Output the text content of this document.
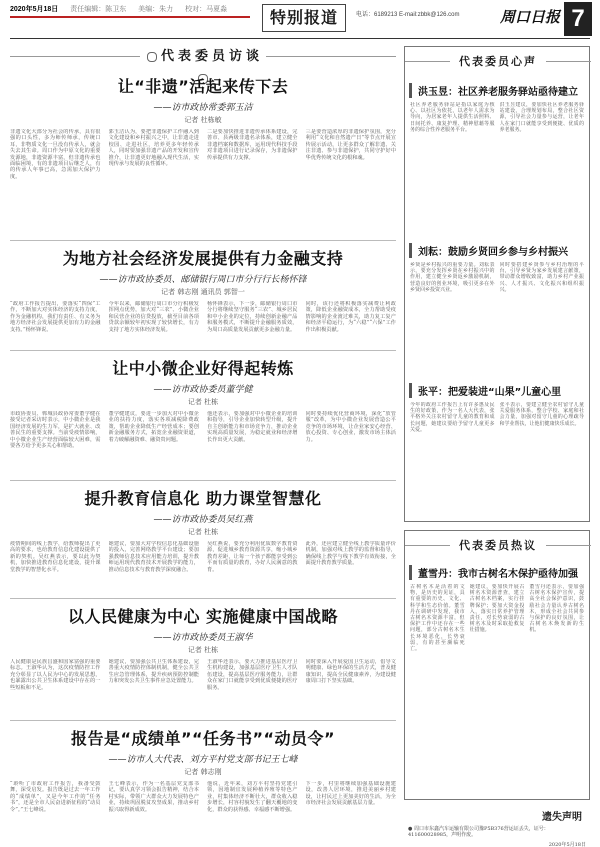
2020年5月18日 责任编辑：陈卫东 美编：朱力 校对：马夏淼	特别报道	电话：6189213 E-mail:zbbk@126.com	周口日报 7
代表委员访谈
让“非遗”活起来传下去
——访市政协常委郭玉洁
记者 杜栋敏
非遗文化大部分为社会的传承，具有很强的口头性，多为师传师承，传统口耳，非物质文化一旦没有传承人，就会失去其生命。周口作为中原文化的重要发源地，非遗资源丰富，但非遗传承也面临困境，有的非遗项目后继乏人，有的传承人年事已高，急需加大保护力度。
郭玉洁认为，要把非遗保护工作融入到文化建设和乡村振兴之中，让非遗走进校园、走进社区，培养更多年轻传承人，同时要加强非遗产品的开发和宣传推介，让非遗更好地融入现代生活，实现传承与发展的良性循环。
二是要加快推进非遗传承体系建设，完善市、县两级非遗名录体系，建立健全非遗档案和数据库，运用现代科技手段对非遗项目进行记录保存，为非遗保护传承提供有力支撑。
三是要营造浓厚的非遗保护氛围，充分利用“文化和自然遗产日”等节点开展宣传展示活动，让更多群众了解非遗、关注非遗、参与非遗保护，共同守护好中华优秀传统文化的根和魂。
为地方社会经济发展提供有力金融支持
——访市政协委员、邮储银行周口市分行行长杨怀锋
记者 韩志刚 通讯员 郭智一
“政府工作报告提出，要落实“四保”工作，不断加大对实体经济的支持力度，作为金融机构，我们有责任、有义务为地方经济社会发展提供更加有力的金融支持。”杨怀锋说。
今年以来，邮储银行周口市分行积极发挥网点优势，加大对“三农”、小微企业和民营企业的信贷投放，截至目前各项贷款余额较年初实现了较快增长，有力支持了地方实体经济发展。
杨怀锋表示，下一步，邮储银行周口市分行将继续坚守服务“三农”、城乡居民和中小企业的定位，持续创新金融产品和服务模式，不断提升金融服务质效，为周口高质量发展贡献更多金融力量。
同时，该行还将积极落实减费让利政策，降低企业融资成本，全力帮助受疫情影响的企业渡过难关，助力复工复产和经济平稳运行，为“六稳”“六保”工作作出积极贡献。
让中小微企业好得起转炼
——访市政协委员董学健
记者 杜栋
市政协委员、郸城县政协常委董学健在接受记者采访时表示，中小微企业是我国经济发展的生力军，是扩大就业、改善民生的重要支撑。当前受疫情影响，中小微企业生产经营面临较大困难，需要各方给予更多关心和帮助。
董学健建议，要进一步加大对中小微企业的扶持力度，落实各项减税降费政策，帮助企业降低生产经营成本；要创新金融服务方式，拓宽企业融资渠道，着力破解融资难、融资贵问题。
他还表示，要加强对中小微企业的培训和指导，引导企业加快转型升级，提升自主创新能力和市场竞争力，推动企业实现高质量发展，为稳定就业和经济增长作出更大贡献。
同时要持续优化营商环境，深化“放管服”改革，为中小微企业发展营造公平竞争的市场环境，让企业家安心经营、放心投资、专心创业，激发市场主体活力。
提升教育信息化 助力课堂智慧化
——访市政协委员吴红燕
记者 杜栋
疫情期间的线上教学，给教师提出了更高的要求，也给教育信息化建设提供了新的契机。吴红燕表示，要以此为契机，加快推进教育信息化建设，提升课堂教学的智慧化水平。
她建议，要加大对学校信息化基础设施的投入，完善网络教学平台建设；要加强教师信息技术应用能力培训，提升教师运用现代教育技术开展教学的能力，推动信息技术与教育教学深度融合。
吴红燕说，要充分利用优质数字教育资源，促进城乡教育资源共享，缩小城乡教育差距，让每一个孩子都能享受到公平而有质量的教育，办好人民满意的教育。
此外，还应建立健全线上教学质量评价机制，加强对线上教学的监督和指导，确保线上教学与线下教学有效衔接，全面提升教育教学质量。
以人民健康为中心 实施健康中国战略
——访市政协委员王淑华
记者 杜栋
人民健康是民族昌盛和国家富强的重要标志。王淑华认为，这次疫情防控工作充分彰显了以人民为中心的发展思想，也暴露出公共卫生体系建设中存在的一些短板和不足。
她建议，要加强公共卫生体系建设，完善重大疫情防控体制机制，健全公共卫生应急管理体系，提升疾病预防控制能力和突发公共卫生事件应急处置能力。
王淑华还表示，要大力推进基层医疗卫生机构建设，加强基层医疗卫生人才队伍建设，提高基层医疗服务能力，让群众在家门口就能享受到优质便捷的医疗服务。
同时要深入开展爱国卫生运动，倡导文明健康、绿色环保的生活方式，普及健康知识，提高全民健康素养，为建设健康周口打下坚实基础。
报告是“成绩单”“任务书”“动员令”
——访市人大代表、刘方平村党支部书记王七峰
记者 韩志刚
“聆听了市政府工作报告，我备受鼓舞，深受启发。报告既是过去一年工作的“成绩单”，又是今年工作的“任务书”，还是全市人民奋进新征程的“动员令”。”王七峰说。
王七峰表示，作为一名基层党支部书记，要认真学习领会报告精神，结合本村实际，带领广大群众大力发展特色产业，持续巩固脱贫攻坚成果，推动乡村振兴取得新成效。
他说，近年来，刘方平村坚持党建引领，因地制宜发展种植养殖等特色产业，村集体经济不断壮大，群众收入稳步增长，村容村貌发生了翻天覆地的变化，群众的获得感、幸福感不断增强。
下一步，村里将继续加强基础设施建设，改善人居环境，推进美丽乡村建设，让村民过上更加美好的生活，为全市经济社会发展贡献基层力量。
代表委员心声
洪玉昱：社区养老服务驿站亟待建立
社区养老服务驿站是指以家庭为核心、以社区为依托，以老年人需求为导向，为居家老年人提供生活照料、日间托养、康复护理、精神慰藉等服务的综合性养老服务平台。
洪玉昱建议，要加快社区养老服务驿站建设，合理规划布局，整合社区资源，引导社会力量参与运营，让老年人在家门口就能享受到便捷、优质的养老服务。
刘耘：鼓励乡贤回乡参与乡村振兴
乡贤是乡村振兴的重要力量。刘耘表示，要充分发挥乡贤在乡村振兴中的作用，建立健全乡贤返乡激励机制，营造良好的创业环境，吸引更多在外乡贤回乡投资兴业。
同时要搭建乡贤参与乡村治理的平台，引导乡贤为家乡发展建言献策，带动群众增收致富，助力乡村产业振兴、人才振兴、文化振兴和组织振兴。
张平：把爱装进“山果”儿童心里
今年的政府工作报告上有许多惠及民生的好政策，作为一名人大代表，张平格外关注农村留守儿童的教育和成长问题，她建议要给予留守儿童更多关爱。
张平表示，要建立健全农村留守儿童关爱服务体系，整合学校、家庭和社会力量，加强对留守儿童的心理疏导和学业帮扶，让他们健康快乐成长。
代表委员热议
董雪丹：我市古树名木保护亟待加强
古树名木是活着的文物，是历史的见证，具有重要的历史、文化、科学和生态价值。董雪丹在调研中发现，我市古树名木资源丰富，但保护工作中还存在一些问题，部分古树名木生长环境恶化，长势衰弱，有的甚至濒临死亡。
她建议，要加快开展古树名木资源普查，建立古树名木档案，实行挂牌保护；要加大资金投入，落实日常养护管理责任，对长势衰弱的古树名木及时采取抢救复壮措施。
董雪丹还表示，要加强古树名木保护宣传，提高全社会保护意识，鼓励社会力量认养古树名木，形成全社会共同参与保护的良好氛围，让古树名木焕发新的生机。
遗失声明
● 周口市东鑫汽车运输有限公司豫P5B376营运证丢失，证号：411600028985，声明作废。
2020年5月18日
